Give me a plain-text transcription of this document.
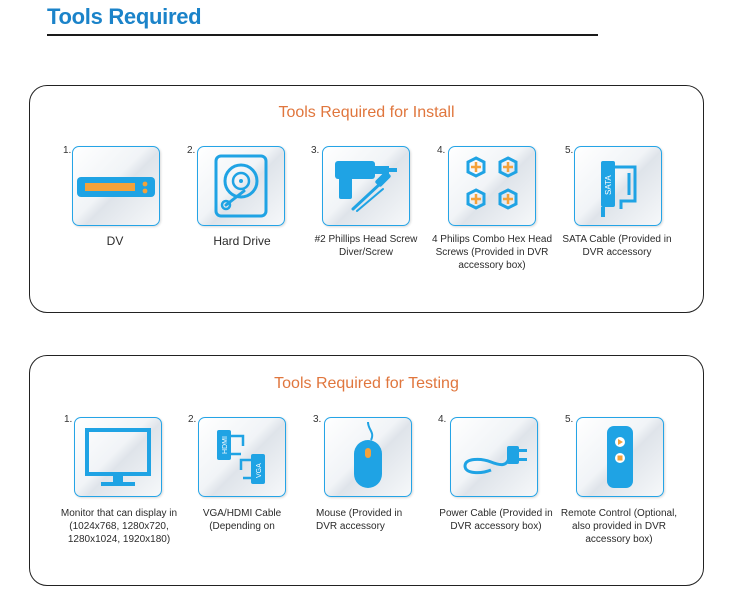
Tools Required
Tools Required for Install
1.
DV
2.
Hard Drive
3.
#2 Phillips Head Screw Diver/Screw
4.
4 Philips Combo Hex Head Screws (Provided in DVR accessory box)
5.
SATA
SATA Cable (Provided in DVR accessory
Tools Required for Testing
1.
Monitor that can display in (1024x768, 1280x720, 1280x1024, 1920x180)
2.
HDMI
VGA
VGA/HDMI Cable (Depending on
3.
Mouse (Provided in DVR accessory
4.
Power Cable (Provided in DVR accessory box)
5.
Remote Control (Optional, also provided in DVR accessory box)
